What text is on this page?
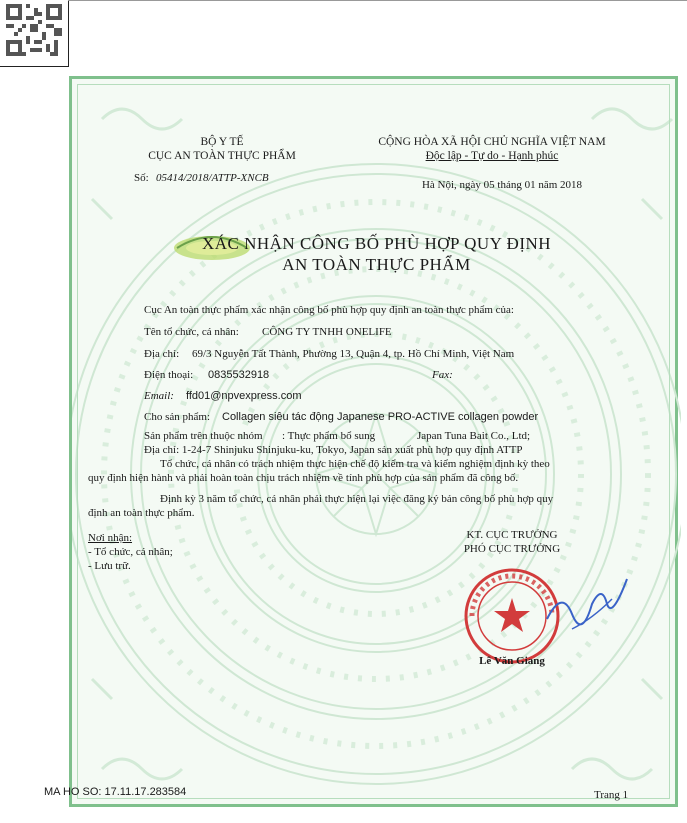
BỘ Y TẾ
CỤC AN TOÀN THỰC PHẨM
Số: 05414/2018/ATTP-XNCB
CỘNG HÒA XÃ HỘI CHỦ NGHĨA VIỆT NAM
Độc lập - Tự do - Hạnh phúc
Hà Nội, ngày 05 tháng 01 năm 2018
XÁC NHẬN CÔNG BỐ PHÙ HỢP QUY ĐỊNH
AN TOÀN THỰC PHẨM
Cục An toàn thực phẩm xác nhận công bố phù hợp quy định an toàn thực phẩm của:
Tên tổ chức, cá nhân: CÔNG TY TNHH ONELIFE
Địa chỉ: 69/3 Nguyễn Tất Thành, Phường 13, Quận 4, tp. Hồ Chí Minh, Việt Nam
Điện thoại: 0835532918	Fax:
Email: ffd01@npvexpress.com
Cho sản phẩm: Collagen siêu tác động Japanese PRO-ACTIVE collagen powder
Sản phẩm trên thuộc nhóm : Thực phẩm bổ sung	Japan Tuna Bait Co., Ltd;
Địa chỉ: 1-24-7 Shinjuku Shinjuku-ku, Tokyo, Japan sản xuất phù hợp quy định ATTP
Tổ chức, cá nhân có trách nhiệm thực hiện chế độ kiểm tra và kiểm nghiệm định kỳ theo
quy định hiện hành và phải hoàn toàn chịu trách nhiệm về tính phù hợp của sản phẩm đã công bố.
Định kỳ 3 năm tổ chức, cá nhân phải thực hiện lại việc đăng ký bản công bố phù hợp quy
định an toàn thực phẩm.
Nơi nhận:
- Tổ chức, cá nhân;
- Lưu trữ.
KT. CỤC TRƯỞNG
PHÓ CỤC TRƯỞNG
Lê Văn Giang
Trang 1
MA HO SO: 17.11.17.283584
